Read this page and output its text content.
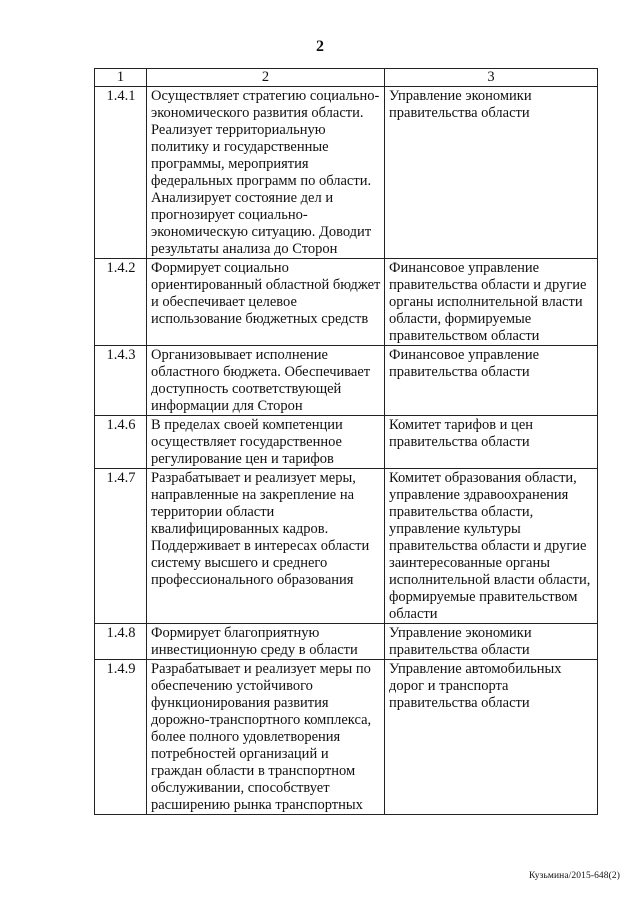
2
1	2	3
1.4.1	Осуществляет стратегию социально-экономического развития области. Реализует территориальную политику и государственные программы, мероприятия федеральных программ по области. Анализирует состояние дел и прогнозирует социально-экономическую ситуацию. Доводит результаты анализа до Сторон	Управление экономики правительства области
1.4.2	Формирует социально ориентированный областной бюджет и обеспечивает целевое использование бюджетных средств	Финансовое управление правительства области и другие органы исполнительной власти области, формируемые правительством области
1.4.3	Организовывает исполнение областного бюджета. Обеспечивает доступность соответствующей информации для Сторон	Финансовое управление правительства области
1.4.6	В пределах своей компетенции осуществляет государственное регулирование цен и тарифов	Комитет тарифов и цен правительства области
1.4.7	Разрабатывает и реализует меры, направленные на закрепление на территории области квалифицированных кадров. Поддерживает в интересах области систему высшего и среднего профессионального образования	Комитет образования области, управление здравоохранения правительства области, управление культуры правительства области и другие заинтересованные органы исполнительной власти области, формируемые правительством области
1.4.8	Формирует благоприятную инвестиционную среду в области	Управление экономики правительства области
1.4.9	Разрабатывает и реализует меры по обеспечению устойчивого функционирования развития дорожно-транспортного комплекса, более полного удовлетворения потребностей организаций и граждан области в транспортном обслуживании, способствует расширению рынка транспортных	Управление автомобильных дорог и транспорта правительства области
Кузьмина/2015-648(2)
